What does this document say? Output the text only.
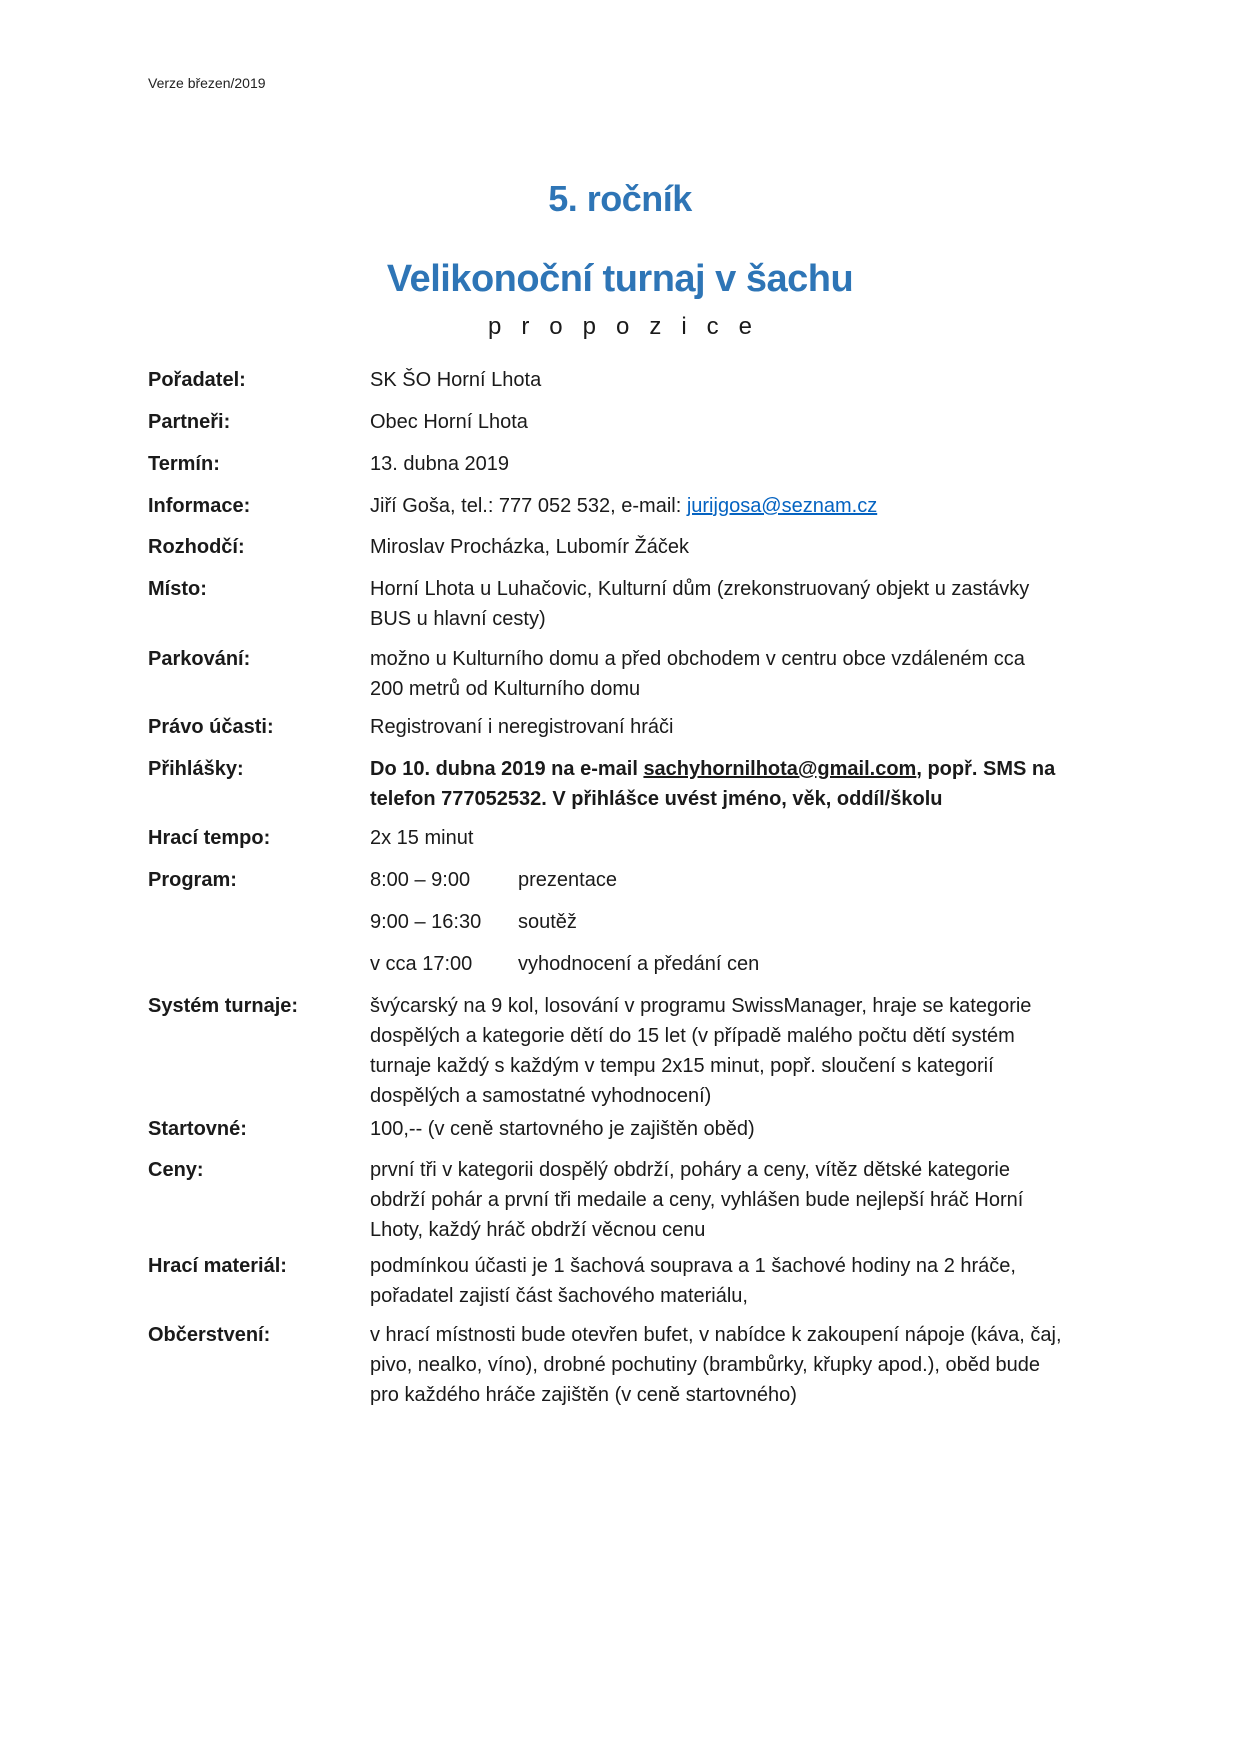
Verze březen/2019
5. ročník
Velikonoční turnaj v šachu
propozice
Pořadatel:	SK ŠO Horní Lhota
Partneři:	Obec Horní Lhota
Termín:	13. dubna 2019
Informace:	Jiří Goša, tel.: 777 052 532, e-mail: jurijgosa@seznam.cz
Rozhodčí:	Miroslav Procházka, Lubomír Žáček
Místo:	Horní Lhota u Luhačovic, Kulturní dům (zrekonstruovaný objekt u zastávky
BUS u hlavní cesty)
Parkování:	možno u Kulturního domu a před obchodem v centru obce vzdáleném cca
200 metrů od Kulturního domu
Právo účasti:	Registrovaní i neregistrovaní hráči
Přihlášky:	Do 10. dubna 2019 na e-mail sachyhornilhota@gmail.com, popř. SMS na
telefon 777052532. V přihlášce uvést jméno, věk, oddíl/školu
Hrací tempo:	2x 15 minut
Program:	8:00 – 9:00 prezentace
9:00 – 16:30 soutěž
v cca 17:00 vyhodnocení a předání cen
Systém turnaje:	švýcarský na 9 kol, losování v programu SwissManager, hraje se kategorie
dospělých a kategorie dětí do 15 let (v případě malého počtu dětí systém
turnaje každý s každým v tempu 2x15 minut, popř. sloučení s kategorií
dospělých a samostatné vyhodnocení)
Startovné:	100,-- (v ceně startovného je zajištěn oběd)
Ceny:	první tři v kategorii dospělý obdrží, poháry a ceny, vítěz dětské kategorie
obdrží pohár a první tři medaile a ceny, vyhlášen bude nejlepší hráč Horní
Lhoty, každý hráč obdrží věcnou cenu
Hrací materiál:	podmínkou účasti je 1 šachová souprava a 1 šachové hodiny na 2 hráče,
pořadatel zajistí část šachového materiálu,
Občerstvení:	v hrací místnosti bude otevřen bufet, v nabídce k zakoupení nápoje (káva, čaj,
pivo, nealko, víno), drobné pochutiny (brambůrky, křupky apod.), oběd bude
pro každého hráče zajištěn (v ceně startovného)
